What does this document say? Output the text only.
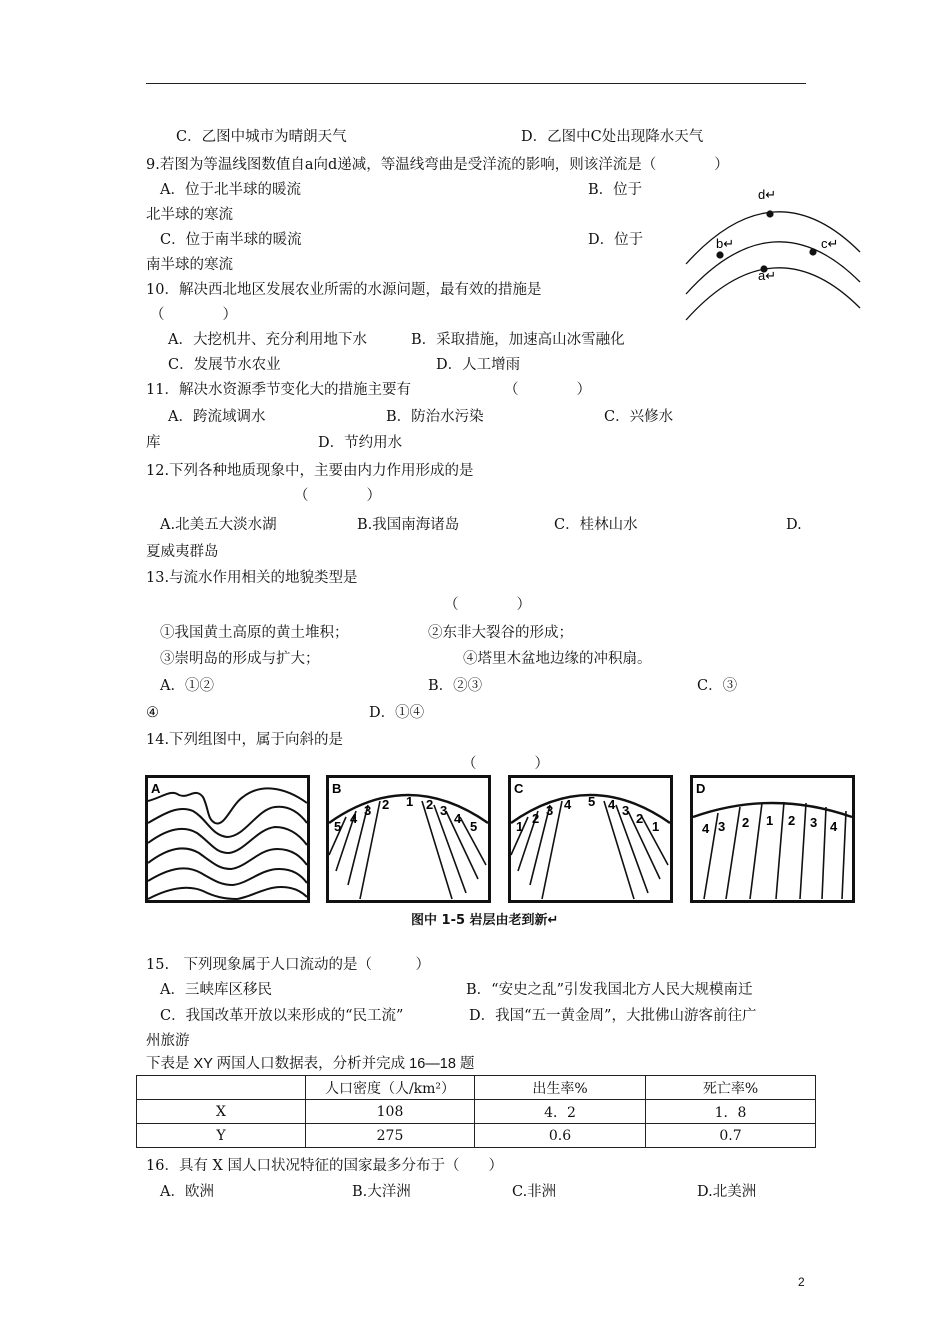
C．乙图中城市为晴朗天气	D．乙图中C处出现降水天气
9.若图为等温线图数值自a向d递减，等温线弯曲是受洋流的影响，则该洋流是（　　　　）
A．位于北半球的暖流	B．位于
北半球的寒流
C．位于南半球的暖流	D．位于
南半球的寒流
d↵
b↵	c↵
a↵
10．解决西北地区发展农业所需的水源问题，最有效的措施是
（　　　　）
A．大挖机井、充分利用地下水	B．采取措施，加速高山冰雪融化
C．发展节水农业	D．人工增雨
11．解决水资源季节变化大的措施主要有	（　　　　）
A．跨流域调水	B．防治水污染	C．兴修水
库	D．节约用水
12.下列各种地质现象中，主要由内力作用形成的是
（　　　　）
A.北美五大淡水湖	B.我国南海诸岛	C．桂林山水	D.
夏威夷群岛
13.与流水作用相关的地貌类型是
（　　　　）
①我国黄土高原的黄土堆积；	②东非大裂谷的形成；
③崇明岛的形成与扩大；	④塔里木盆地边缘的冲积扇。
A．①②	B．②③	C．③
④	D．①④
14.下列组图中，属于向斜的是
（　　　　）
A	B
5
4
3 2 1 2 3
4
5
C
1
2
3 4 5 4 3
2
1
D
4 3 2 1 2 3 4
图中 1-5 岩层由老到新↵
15.　下列现象属于人口流动的是（　　　）
A．三峡库区移民	B．“安史之乱”引发我国北方人民大规模南迁
C．我国改革开放以来形成的“民工流”	D．我国“五一黄金周”，大批佛山游客前往广
州旅游
下表是 XY 两国人口数据表，分析并完成 16—18 题
	人口密度（人/km²）	出生率%	死亡率%
X	108	4．2	1．8
Y	275	0.6	0.7
16．具有 X 国人口状况特征的国家最多分布于（　　）
A．欧洲	B.大洋洲	C.非洲	D.北美洲
2
